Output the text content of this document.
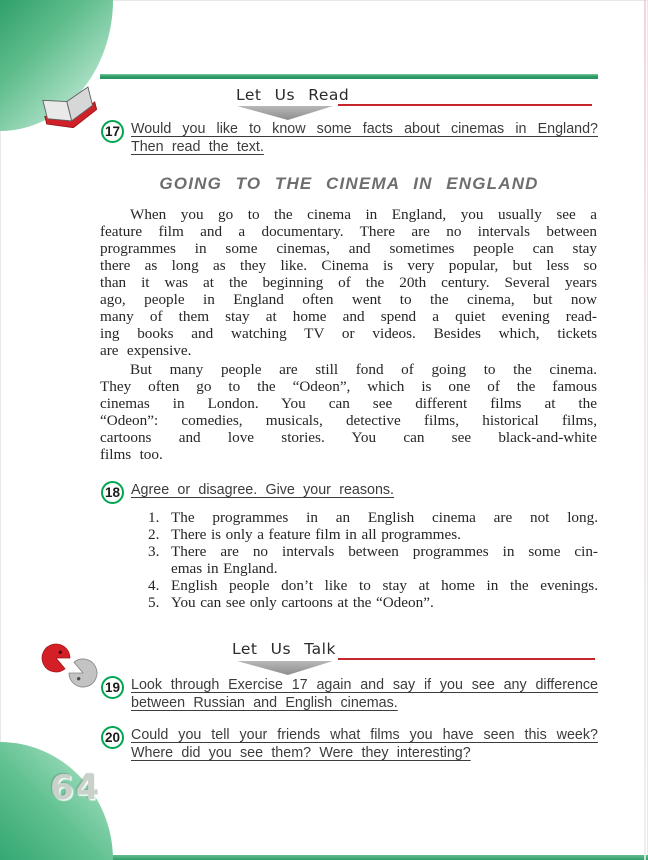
64
Let Us Read
17 Would you like to know some facts about cinemas in England?
Then read the text.
GOING TO THE CINEMA IN ENGLAND
When you go to the cinema in England, you usually see a
feature film and a documentary. There are no intervals between
programmes in some cinemas, and sometimes people can stay
there as long as they like. Cinema is very popular, but less so
than it was at the beginning of the 20th century. Several years
ago, people in England often went to the cinema, but now
many of them stay at home and spend a quiet evening read-
ing books and watching TV or videos. Besides which, tickets
are expensive.
But many people are still fond of going to the cinema.
They often go to the “Odeon”, which is one of the famous
cinemas in London. You can see different films at the
“Odeon”: comedies, musicals, detective films, historical films,
cartoons and love stories. You can see black-and-white
films too.
18 Agree or disagree. Give your reasons.
1. The programmes in an English cinema are not long.
2. There is only a feature film in all programmes.
3. There are no intervals between programmes in some cin-
emas in England.
4. English people don’t like to stay at home in the evenings.
5. You can see only cartoons at the “Odeon”.
Let Us Talk
19 Look through Exercise 17 again and say if you see any difference
between Russian and English cinemas.
20 Could you tell your friends what films you have seen this week?
Where did you see them? Were they interesting?
